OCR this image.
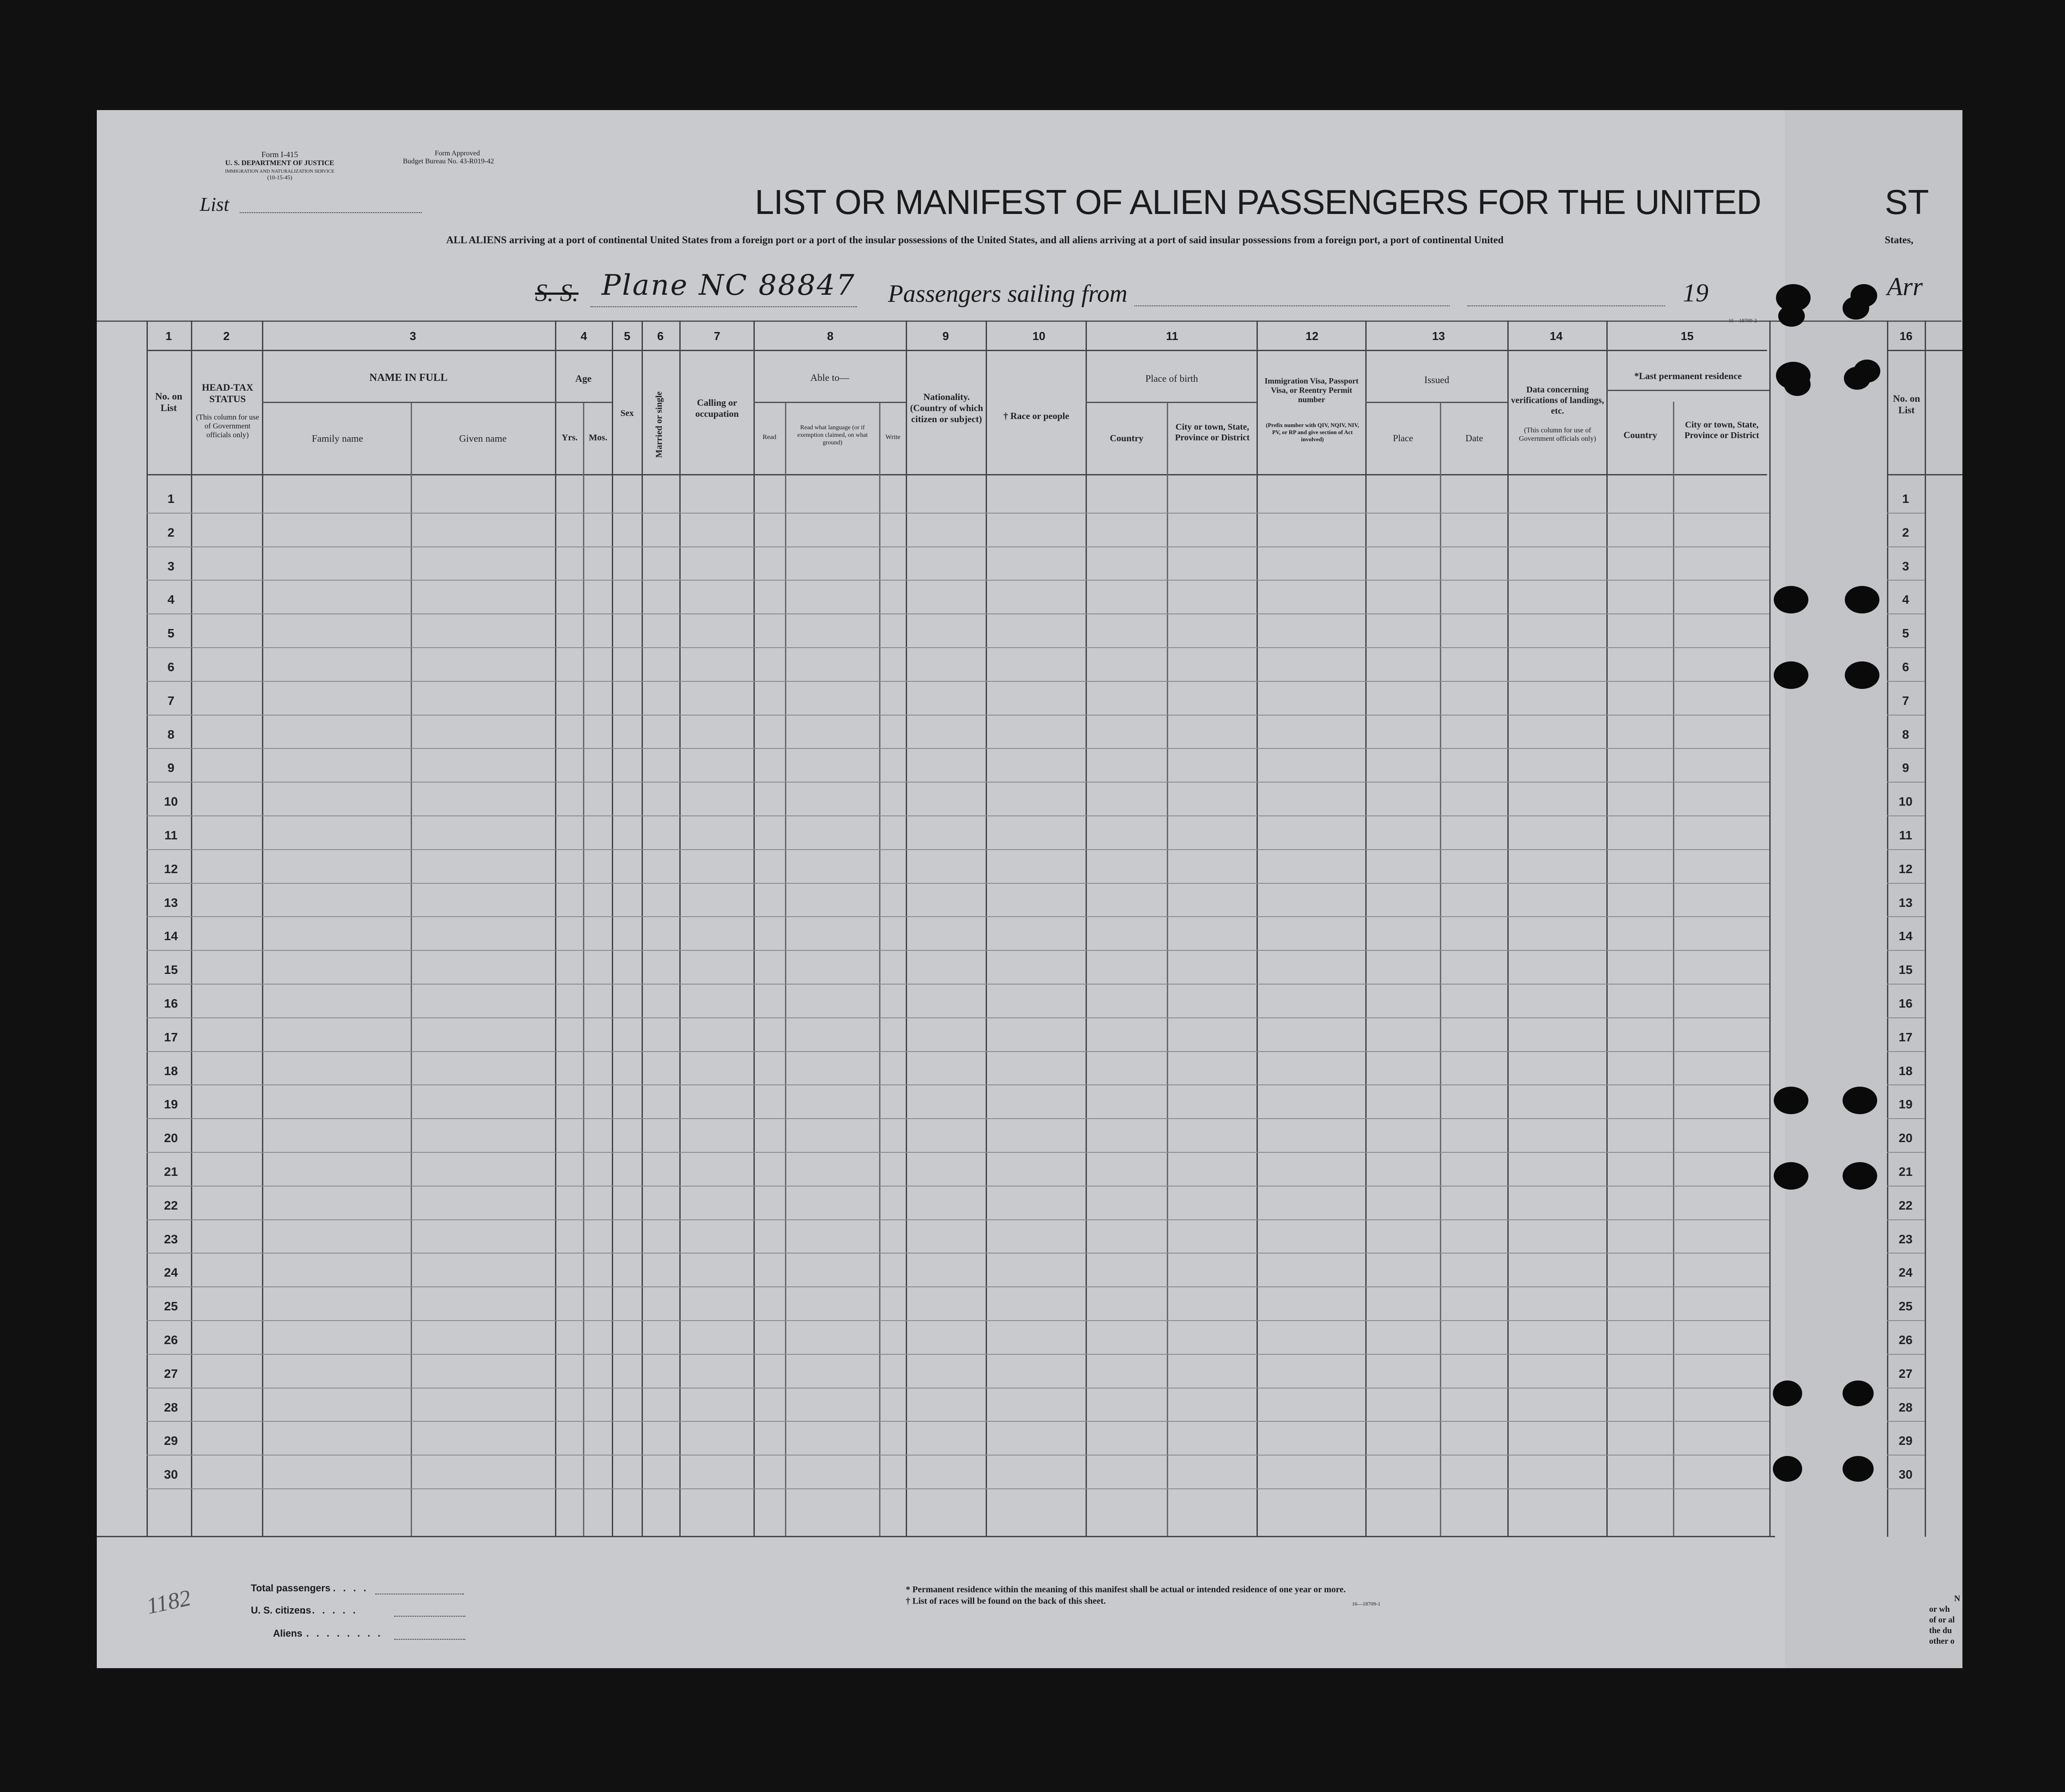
Form I-415
U. S. DEPARTMENT OF JUSTICE
IMMIGRATION AND NATURALIZATION SERVICE
(10-15-45)
Form Approved
Budget Bureau No. 43-R019-42
List	LIST OR MANIFEST OF ALIEN PASSENGERS FOR THE UNITED	ST
ALL ALIENS arriving at a port of continental United States from a foreign port or a port of the insular possessions of the United States, and all aliens arriving at a port of said insular possessions from a foreign port, a port of continental United	States,
S. S. Plane NC 88847 Passengers sailing from	19	Arr
1	2	3	4	5	6	7	8	9	10	11	12	13	14	15	16
No. on List
HEAD-TAX STATUS
(This column for use of Government officials only)
NAME IN FULL
Family name	Given name
Age
Yrs.	Mos.
Sex	Married or single	Calling or occupation
Able to—
Read
Read what language (or if exemption claimed, on what ground)
Write
Nationality. (Country of which citizen or subject)	† Race or people
Place of birth
Country
City or town, State, Province or District
Immigration Visa, Passport Visa, or Reentry Permit number
(Prefix number with QIV, NQIV, NIV, PV, or RP and give section of Act involved)
Issued
Place	Date
Data concerning verifications of landings, etc.
(This column for use of Government officials only)
*Last permanent residence
Country
City or town, State, Province or District
No. on List
1	1
2	2
3	3
4	4
5	5
6	6
7	7
8	8
9	9
10	10
11	11
12	12
13	13
14	14
15	15
16	16
17	17
18	18
19	19
20	20
21	21
22	22
23	23
24	24
25	25
26	26
27	27
28	28
29	29
30	30
1182	Total passengers . . . .
U. S. citizens
. . . . . .
Aliens . . . . . . . .
* Permanent residence within the meaning of this manifest shall be actual or intended residence of one year or more.
† List of races will be found on the back of this sheet.	16—18709-1
N
or wh
of or al
the du
other o
